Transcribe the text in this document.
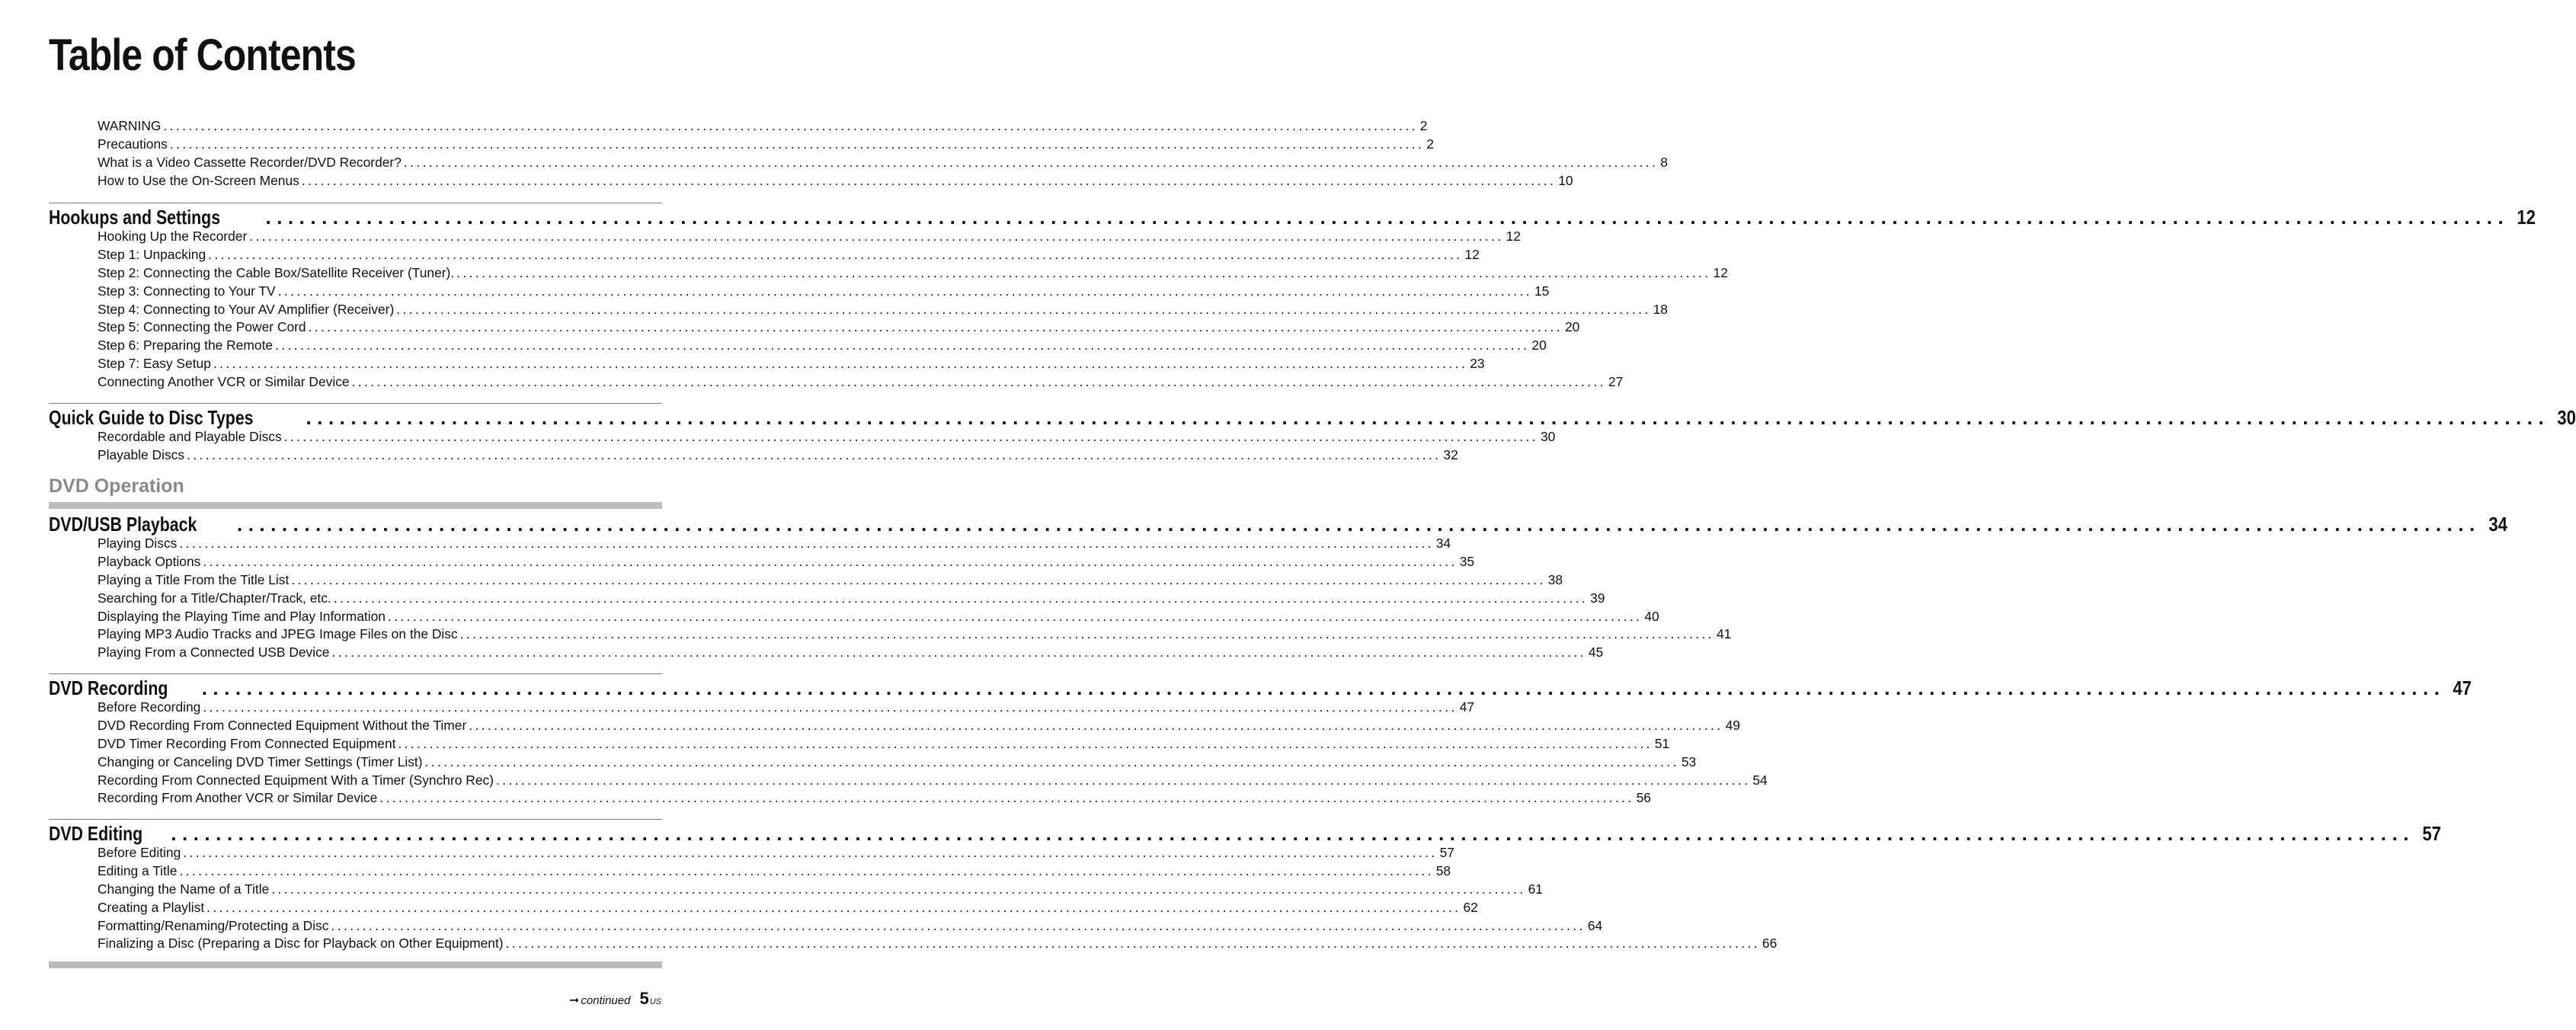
Table of Contents
WARNING ........................................................................................................................................................................................................ 2
Precautions ........................................................................................................................................................................................................ 2
What is a Video Cassette Recorder/DVD Recorder? ........................................................................................................................................................................................................ 8
How to Use the On-Screen Menus ........................................................................................................................................................................................................ 10
Hookups and Settings ........................................................................................................................................................................................................ 12
Hooking Up the Recorder ........................................................................................................................................................................................................ 12
Step 1: Unpacking ........................................................................................................................................................................................................ 12
Step 2: Connecting the Cable Box/Satellite Receiver (Tuner). ........................................................................................................................................................................................................ 12
Step 3: Connecting to Your TV ........................................................................................................................................................................................................ 15
Step 4: Connecting to Your AV Amplifier (Receiver) ........................................................................................................................................................................................................ 18
Step 5: Connecting the Power Cord ........................................................................................................................................................................................................ 20
Step 6: Preparing the Remote ........................................................................................................................................................................................................ 20
Step 7: Easy Setup ........................................................................................................................................................................................................ 23
Connecting Another VCR or Similar Device ........................................................................................................................................................................................................ 27
Quick Guide to Disc Types	........................................................................................................................................................................................................ 30
Recordable and Playable Discs ........................................................................................................................................................................................................ 30
Playable Discs ........................................................................................................................................................................................................ 32
DVD Operation
DVD/USB Playback ........................................................................................................................................................................................................ 34
Playing Discs ........................................................................................................................................................................................................ 34
Playback Options ........................................................................................................................................................................................................ 35
Playing a Title From the Title List ........................................................................................................................................................................................................ 38
Searching for a Title/Chapter/Track, etc. ........................................................................................................................................................................................................ 39
Displaying the Playing Time and Play Information ........................................................................................................................................................................................................ 40
Playing MP3 Audio Tracks and JPEG Image Files on the Disc ........................................................................................................................................................................................................ 41
Playing From a Connected USB Device ........................................................................................................................................................................................................ 45
DVD Recording ........................................................................................................................................................................................................ 47
Before Recording ........................................................................................................................................................................................................ 47
DVD Recording From Connected Equipment Without the Timer ........................................................................................................................................................................................................ 49
DVD Timer Recording From Connected Equipment ........................................................................................................................................................................................................ 51
Changing or Canceling DVD Timer Settings (Timer List) ........................................................................................................................................................................................................ 53
Recording From Connected Equipment With a Timer (Synchro Rec) ........................................................................................................................................................................................................ 54
Recording From Another VCR or Similar Device ........................................................................................................................................................................................................ 56
DVD Editing ........................................................................................................................................................................................................ 57
Before Editing ........................................................................................................................................................................................................ 57
Editing a Title ........................................................................................................................................................................................................ 58
Changing the Name of a Title ........................................................................................................................................................................................................ 61
Creating a Playlist ........................................................................................................................................................................................................ 62
Formatting/Renaming/Protecting a Disc ........................................................................................................................................................................................................ 64
Finalizing a Disc (Preparing a Disc for Playback on Other Equipment) ........................................................................................................................................................................................................ 66
➞ continued 5 US
